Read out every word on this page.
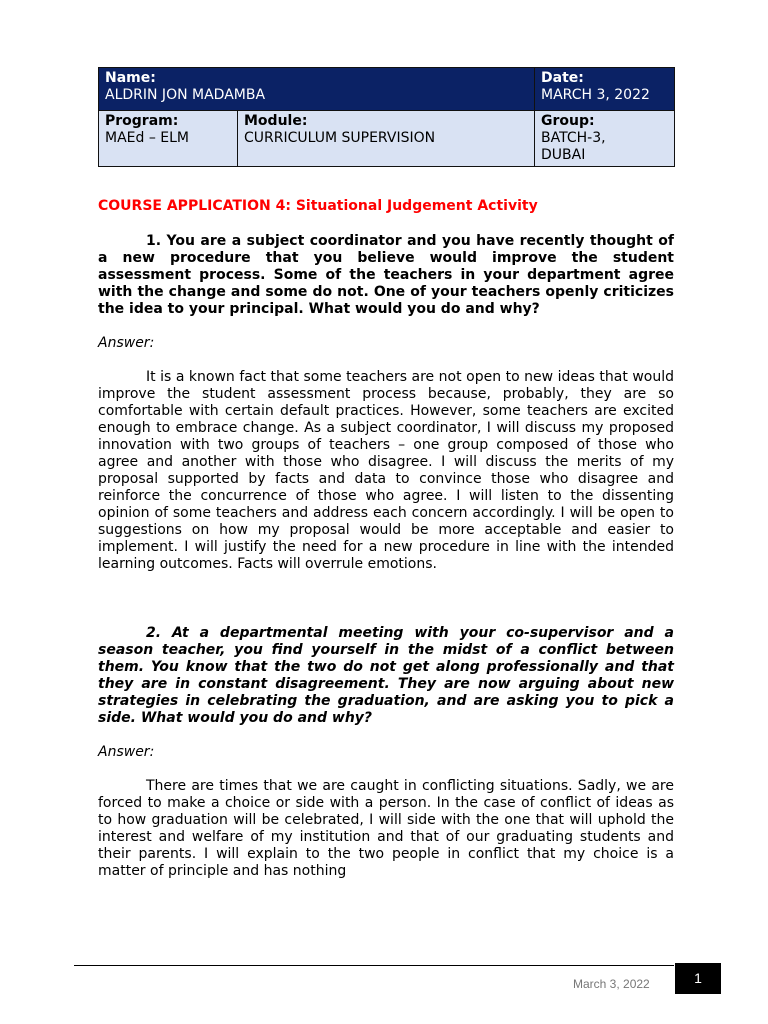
Name:
ALDRIN JON MADAMBA		Date:
MARCH 3, 2022

Program:
MAEd – ELM	Module:
CURRICULUM SUPERVISION	Group:
BATCH-3,
DUBAI

COURSE APPLICATION 4: Situational Judgement Activity

1. You are a subject coordinator and you have recently thought of a new procedure that you believe would improve the student assessment process. Some of the teachers in your department agree with the change and some do not. One of your teachers openly criticizes the idea to your principal. What would you do and why?

Answer:

It is a known fact that some teachers are not open to new ideas that would improve the student assessment process because, probably, they are so comfortable with certain default practices. However, some teachers are excited enough to embrace change. As a subject coordinator, I will discuss my proposed innovation with two groups of teachers – one group composed of those who agree and another with those who disagree. I will discuss the merits of my proposal supported by facts and data to convince those who disagree and reinforce the concurrence of those who agree. I will listen to the dissenting opinion of some teachers and address each concern accordingly. I will be open to suggestions on how my proposal would be more acceptable and easier to implement. I will justify the need for a new procedure in line with the intended learning outcomes. Facts will overrule emotions.

2. At a departmental meeting with your co-supervisor and a season teacher, you find yourself in the midst of a conflict between them. You know that the two do not get along professionally and that they are in constant disagreement. They are now arguing about new strategies in celebrating the graduation, and are asking you to pick a side. What would you do and why?

Answer:

There are times that we are caught in conflicting situations. Sadly, we are forced to make a choice or side with a person. In the case of conflict of ideas as to how graduation will be celebrated, I will side with the one that will uphold the interest and welfare of my institution and that of our graduating students and their parents. I will explain to the two people in conflict that my choice is a matter of principle and has nothing

March 3, 2022	1
